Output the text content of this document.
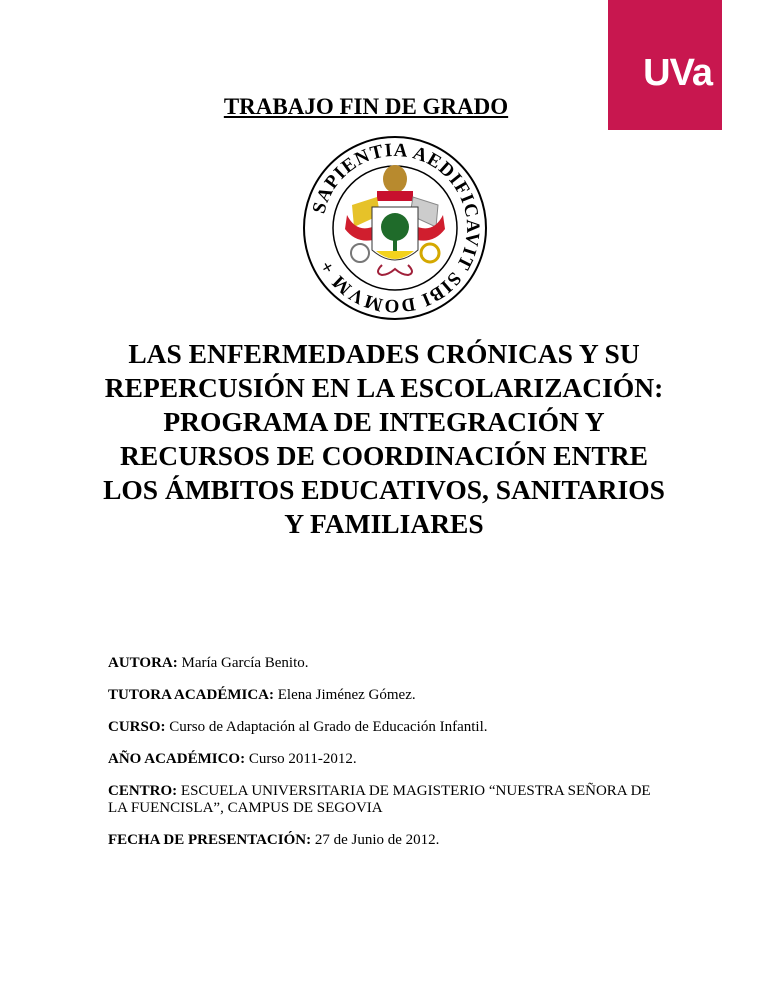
UVa
TRABAJO FIN DE GRADO
SAPIENTIA AEDIFICAVIT SIBI DOMVM +
LAS ENFERMEDADES CRÓNICAS Y SU
REPERCUSIÓN EN LA ESCOLARIZACIÓN:
PROGRAMA DE INTEGRACIÓN Y
RECURSOS DE COORDINACIÓN ENTRE
LOS ÁMBITOS EDUCATIVOS, SANITARIOS
Y FAMILIARES
AUTORA: María García Benito.
TUTORA ACADÉMICA: Elena Jiménez Gómez.
CURSO: Curso de Adaptación al Grado de Educación Infantil.
AÑO ACADÉMICO: Curso 2011-2012.
CENTRO: ESCUELA UNIVERSITARIA DE MAGISTERIO “NUESTRA SEÑORA DE LA FUENCISLA”, CAMPUS DE SEGOVIA
FECHA DE PRESENTACIÓN: 27 de Junio de 2012.
